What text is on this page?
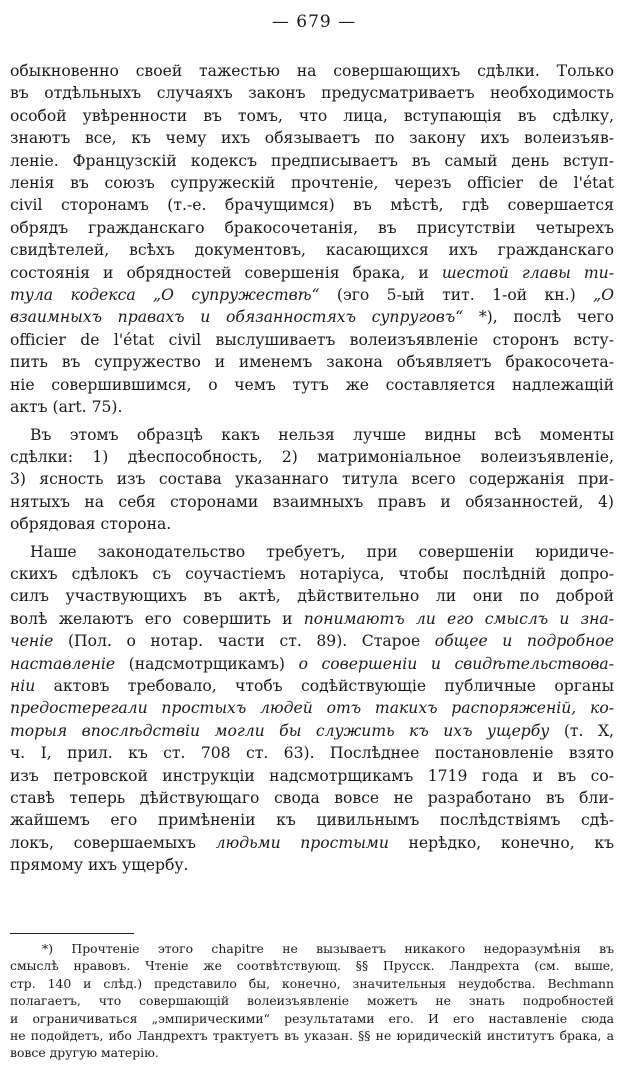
— 679 —
обыкновенно своей тажестью на совершающихъ сдѣлки. Только
въ отдѣльныхъ случаяхъ законъ предусматриваетъ необходимость
особой увѣренности въ томъ, что лица, вступающія въ сдѣлку,
знаютъ все, къ чему ихъ обязываетъ по закону ихъ волеизъяв-
леніе. Французскій кодексъ предписываетъ въ самый день вступ-
ленія въ союзъ супружескій прочтеніе, черезъ officier de l'état
civil сторонамъ (т.-е. брачущимся) въ мѣстѣ, гдѣ совершается
обрядъ гражданскаго бракосочетанія, въ присутствіи четырехъ
свидѣтелей, всѣхъ документовъ, касающихся ихъ гражданскаго
состоянія и обрядностей совершенія брака, и шестой главы ти-
тула кодекса „О супружествѣ“ (эго 5-ый тит. 1-ой кн.) „О
взаимныхъ правахъ и обязанностяхъ супруговъ“ *), послѣ чего
officier de l'état civil выслушиваетъ волеизъявленіе сторонъ всту-
пить въ супружество и именемъ закона объявляетъ бракосочета-
ніе совершившимся, о чемъ тутъ же составляется надлежащій
актъ (art. 75).
Въ этомъ образцѣ какъ нельзя лучше видны всѣ моменты
сдѣлки: 1) дѣеспособность, 2) матримоніальное волеизъявленіе,
3) ясность изъ состава указаннаго титула всего содержанія при-
нятыхъ на себя сторонами взаимныхъ правъ и обязанностей, 4)
обрядовая сторона.
Наше законодательство требуетъ, при совершеніи юридиче-
скихъ сдѣлокъ съ соучастіемъ нотаріуса, чтобы послѣдній допро-
силъ участвующихъ въ актѣ, дѣйствительно ли они по доброй
волѣ желаютъ его совершить и понимаютъ ли его смыслъ и зна-
ченіе (Пол. о нотар. части ст. 89). Старое общее и подробное
наставленіе (надсмотрщикамъ) о совершеніи и свидѣтельствова-
ніи актовъ требовало, чтобъ содѣйствующіе публичные органы
предостерегали простыхъ людей отъ такихъ распоряженій, ко-
торыя впослѣдствіи могли бы служить къ ихъ ущербу (т. X,
ч. I, прил. къ ст. 708 ст. 63). Послѣднее постановленіе взято
изъ петровской инструкціи надсмотрщикамъ 1719 года и въ со-
ставѣ теперь дѣйствующаго свода вовсе не разработано въ бли-
жайшемъ его примѣненіи къ цивильнымъ послѣдствіямъ сдѣ-
локъ, совершаемыхъ людьми простыми нерѣдко, конечно, къ
прямому ихъ ущербу.
*) Прочтеніе этого chapitre не вызываетъ никакого недоразумѣнія въ
смыслѣ нравовъ. Чтеніе же соотвѣтствующ. §§ Прусск. Ландрехта (см. выше,
стр. 140 и слѣд.) представило бы, конечно, значительныя неудобства. Bechmann
полагаетъ, что совершающій волеизъявленіе можетъ не знать подробностей
и ограничиваться „эмпирическими“ результатами его. И его наставленіе сюда
не подойдетъ, ибо Ландрехтъ трактуетъ въ указан. §§ не юридическій институтъ брака, а вовсе другую матерію.
